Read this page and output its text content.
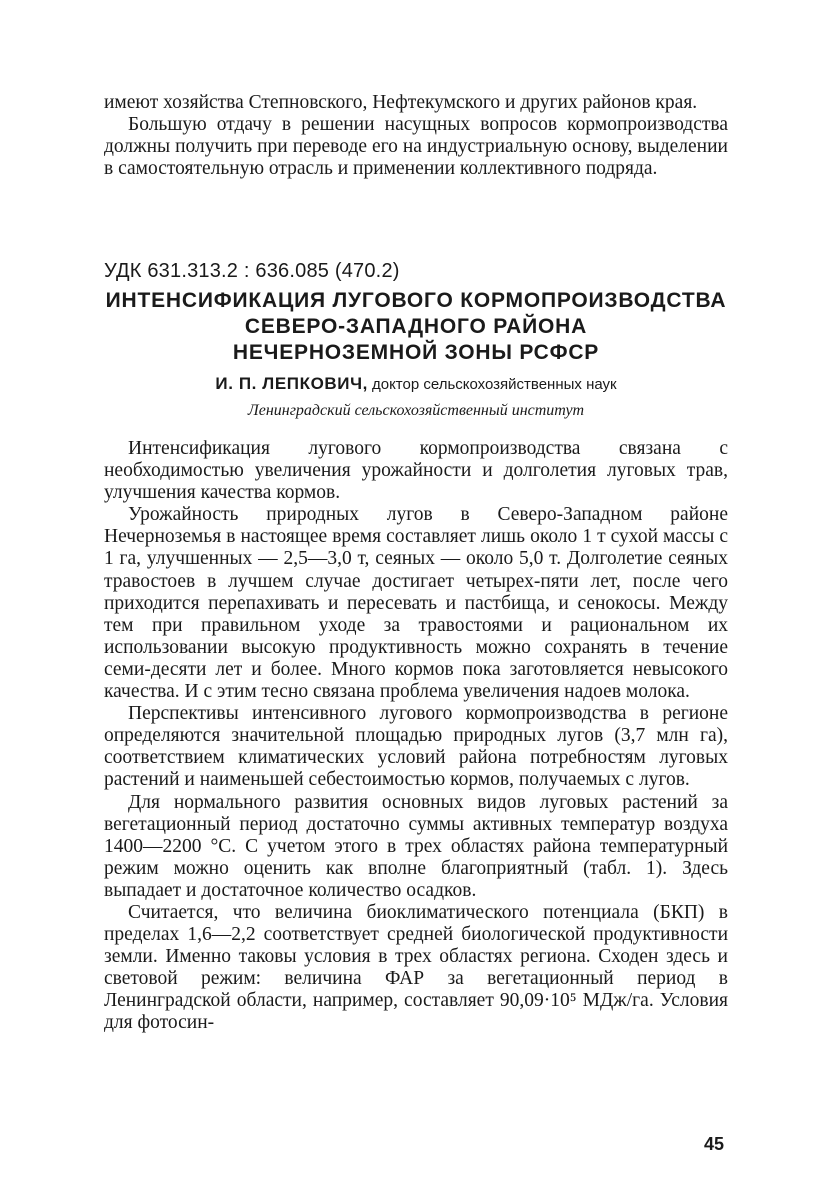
имеют хозяйства Степновского, Нефтекумского и других районов края.

Большую отдачу в решении насущных вопросов кормопроизводства должны получить при переводе его на индустриальную основу, выделении в самостоятельную отрасль и применении коллективного подряда.

УДК 631.313.2 : 636.085 (470.2)

ИНТЕНСИФИКАЦИЯ ЛУГОВОГО КОРМОПРОИЗВОДСТВА
СЕВЕРО-ЗАПАДНОГО РАЙОНА
НЕЧЕРНОЗЕМНОЙ ЗОНЫ РСФСР

И. П. ЛЕПКОВИЧ, доктор сельскохозяйственных наук

Ленинградский сельскохозяйственный институт

Интенсификация лугового кормопроизводства связана с необходимостью увеличения урожайности и долголетия луговых трав, улучшения качества кормов.

Урожайность природных лугов в Северо-Западном районе Нечерноземья в настоящее время составляет лишь около 1 т сухой массы с 1 га, улучшенных — 2,5—3,0 т, сеяных — около 5,0 т. Долголетие сеяных травостоев в лучшем случае достигает четырех-пяти лет, после чего приходится перепахивать и пересевать и пастбища, и сенокосы. Между тем при правильном уходе за травостоями и рациональном их использовании высокую продуктивность можно сохранять в течение семи-десяти лет и более. Много кормов пока заготовляется невысокого качества. И с этим тесно связана проблема увеличения надоев молока.

Перспективы интенсивного лугового кормопроизводства в регионе определяются значительной площадью природных лугов (3,7 млн га), соответствием климатических условий района потребностям луговых растений и наименьшей себестоимостью кормов, получаемых с лугов.

Для нормального развития основных видов луговых растений за вегетационный период достаточно суммы активных температур воздуха 1400—2200 °С. С учетом этого в трех областях района температурный режим можно оценить как вполне благоприятный (табл. 1). Здесь выпадает и достаточное количество осадков.

Считается, что величина биоклиматического потенциала (БКП) в пределах 1,6—2,2 соответствует средней биологической продуктивности земли. Именно таковы условия в трех областях региона. Сходен здесь и световой режим: величина ФАР за вегетационный период в Ленинградской области, например, составляет 90,09·10⁵ МДж/га. Условия для фотосин-

45
